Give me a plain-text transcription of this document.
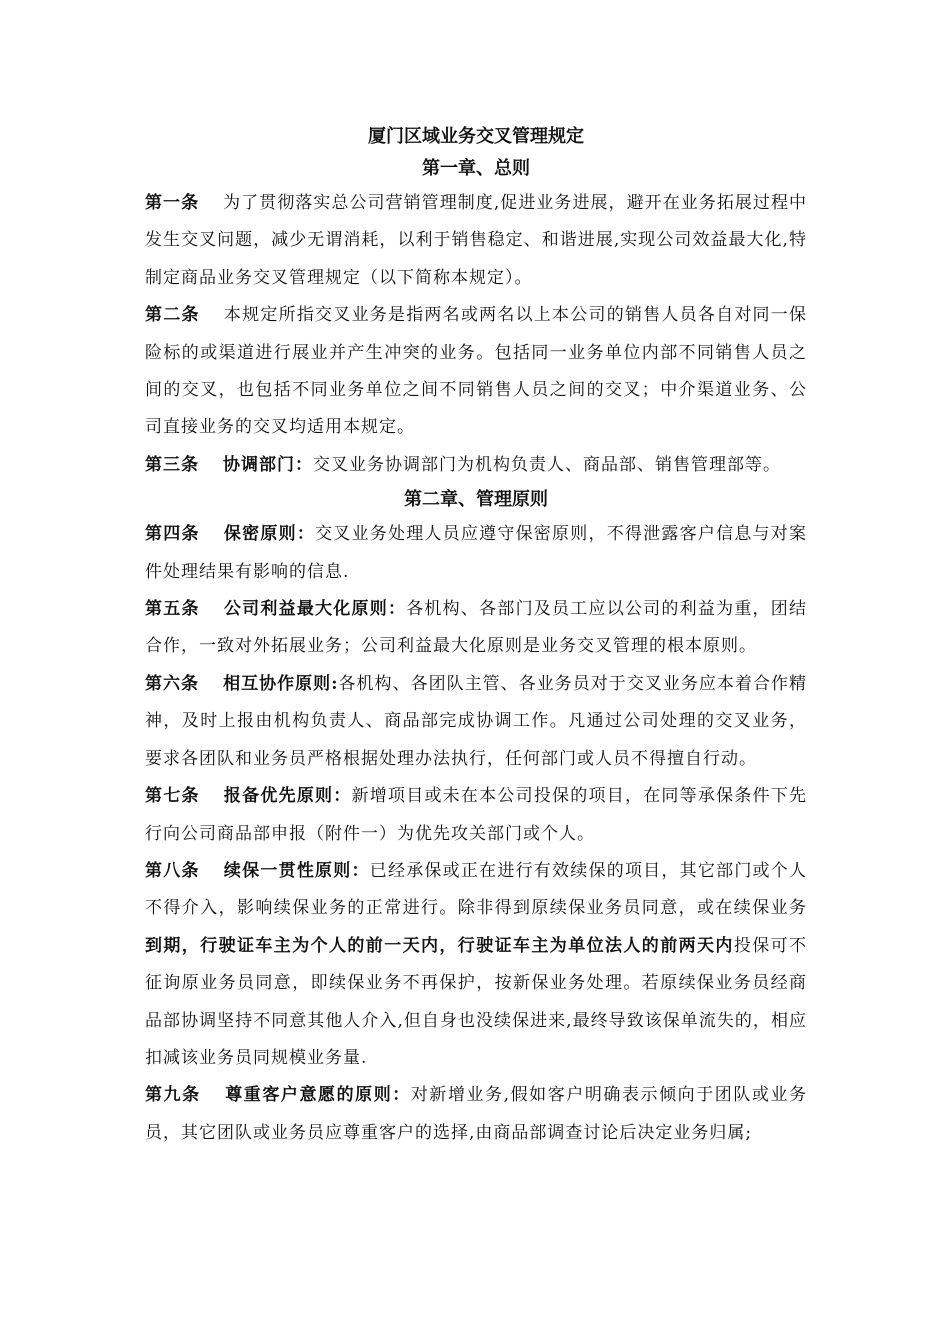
厦门区域业务交叉管理规定
第一章、总则

第一条 为了贯彻落实总公司营销管理制度,促进业务进展，避开在业务拓展过程中发生交叉问题，减少无谓消耗，以利于销售稳定、和谐进展,实现公司效益最大化,特制定商品业务交叉管理规定（以下简称本规定）。

第二条 本规定所指交叉业务是指两名或两名以上本公司的销售人员各自对同一保险标的或渠道进行展业并产生冲突的业务。包括同一业务单位内部不同销售人员之间的交叉，也包括不同业务单位之间不同销售人员之间的交叉；中介渠道业务、公司直接业务的交叉均适用本规定。

第三条 协调部门：交叉业务协调部门为机构负责人、商品部、销售管理部等。

第二章、管理原则

第四条 保密原则：交叉业务处理人员应遵守保密原则，不得泄露客户信息与对案件处理结果有影响的信息.

第五条 公司利益最大化原则：各机构、各部门及员工应以公司的利益为重，团结合作，一致对外拓展业务；公司利益最大化原则是业务交叉管理的根本原则。

第六条 相互协作原则:各机构、各团队主管、各业务员对于交叉业务应本着合作精神，及时上报由机构负责人、商品部完成协调工作。凡通过公司处理的交叉业务，要求各团队和业务员严格根据处理办法执行，任何部门或人员不得擅自行动。

第七条 报备优先原则：新增项目或未在本公司投保的项目，在同等承保条件下先行向公司商品部申报（附件一）为优先攻关部门或个人。

第八条 续保一贯性原则：已经承保或正在进行有效续保的项目，其它部门或个人不得介入，影响续保业务的正常进行。除非得到原续保业务员同意，或在续保业务到期，行驶证车主为个人的前一天内，行驶证车主为单位法人的前两天内投保可不征询原业务员同意，即续保业务不再保护，按新保业务处理。若原续保业务员经商品部协调坚持不同意其他人介入,但自身也没续保进来,最终导致该保单流失的，相应扣减该业务员同规模业务量.

第九条 尊重客户意愿的原则：对新增业务,假如客户明确表示倾向于团队或业务员，其它团队或业务员应尊重客户的选择,由商品部调查讨论后决定业务归属;
